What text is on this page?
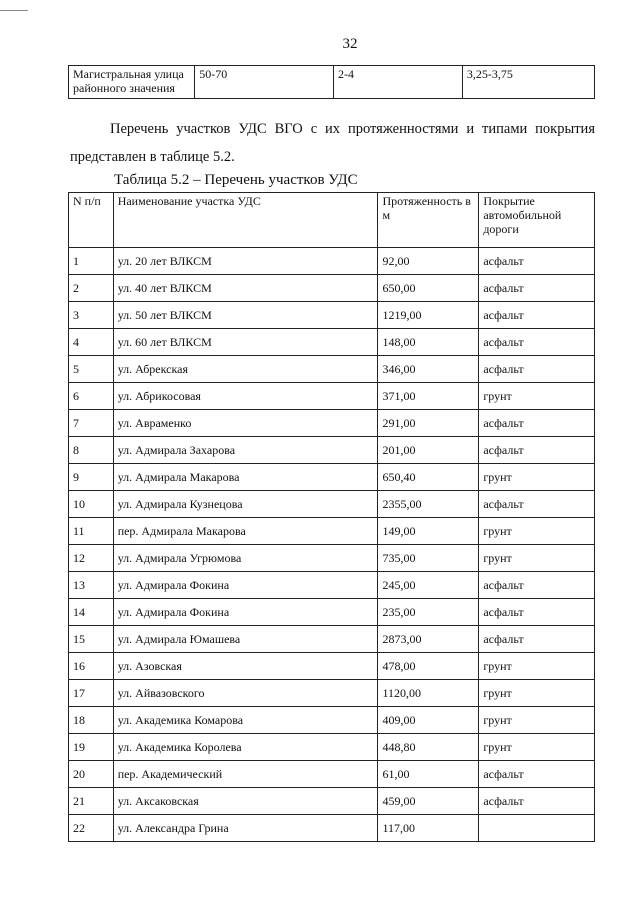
32
Магистральная улица районного значения	50-70	2-4	3,25-3,75
Перечень участков УДС ВГО с их протяженностями и типами покрытия
представлен в таблице 5.2.
Таблица 5.2 – Перечень участков УДС
N п/п	Наименование участка УДС	Протяженность в м	Покрытие автомобильной дороги
1	ул. 20 лет ВЛКСМ	92,00	асфальт
2	ул. 40 лет ВЛКСМ	650,00	асфальт
3	ул. 50 лет ВЛКСМ	1219,00	асфальт
4	ул. 60 лет ВЛКСМ	148,00	асфальт
5	ул. Абрекская	346,00	асфальт
6	ул. Абрикосовая	371,00	грунт
7	ул. Авраменко	291,00	асфальт
8	ул. Адмирала Захарова	201,00	асфальт
9	ул. Адмирала Макарова	650,40	грунт
10	ул. Адмирала Кузнецова	2355,00	асфальт
11	пер. Адмирала Макарова	149,00	грунт
12	ул. Адмирала Угрюмова	735,00	грунт
13	ул. Адмирала Фокина	245,00	асфальт
14	ул. Адмирала Фокина	235,00	асфальт
15	ул. Адмирала Юмашева	2873,00	асфальт
16	ул. Азовская	478,00	грунт
17	ул. Айвазовского	1120,00	грунт
18	ул. Академика Комарова	409,00	грунт
19	ул. Академика Королева	448,80	грунт
20	пер. Академический	61,00	асфальт
21	ул. Аксаковская	459,00	асфальт
22	ул. Александра Грина	117,00	
